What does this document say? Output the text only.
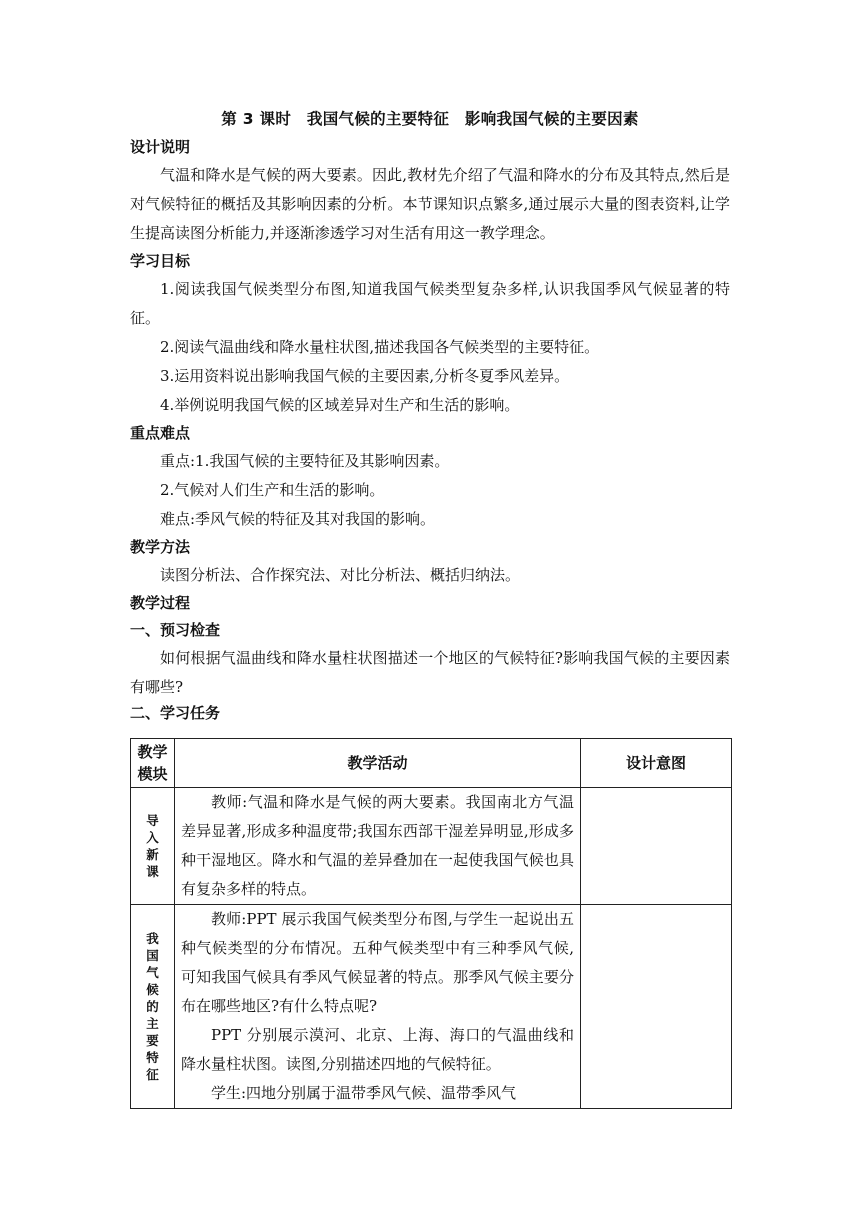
第 3 课时　我国气候的主要特征　影响我国气候的主要因素

设计说明

气温和降水是气候的两大要素。因此,教材先介绍了气温和降水的分布及其特点,然后是对气候特征的概括及其影响因素的分析。本节课知识点繁多,通过展示大量的图表资料,让学生提高读图分析能力,并逐渐渗透学习对生活有用这一教学理念。

学习目标

1.阅读我国气候类型分布图,知道我国气候类型复杂多样,认识我国季风气候显著的特征。

2.阅读气温曲线和降水量柱状图,描述我国各气候类型的主要特征。

3.运用资料说出影响我国气候的主要因素,分析冬夏季风差异。

4.举例说明我国气候的区域差异对生产和生活的影响。

重点难点

重点:1.我国气候的主要特征及其影响因素。

2.气候对人们生产和生活的影响。

难点:季风气候的特征及其对我国的影响。

教学方法

读图分析法、合作探究法、对比分析法、概括归纳法。

教学过程

一、预习检查

如何根据气温曲线和降水量柱状图描述一个地区的气候特征?影响我国气候的主要因素有哪些?

二、学习任务

教学模块	教学活动	设计意图

导入新课	教师:气温和降水是气候的两大要素。我国南北方气温差异显著,形成多种温度带;我国东西部干湿差异明显,形成多种干湿地区。降水和气温的差异叠加在一起使我国气候也具有复杂多样的特点。	

我国气候的主要特征	教师:PPT 展示我国气候类型分布图,与学生一起说出五种气候类型的分布情况。五种气候类型中有三种季风气候,可知我国气候具有季风气候显著的特点。那季风气候主要分布在哪些地区?有什么特点呢?

PPT 分别展示漠河、北京、上海、海口的气温曲线和降水量柱状图。读图,分别描述四地的气候特征。

学生:四地分别属于温带季风气候、温带季风气	
